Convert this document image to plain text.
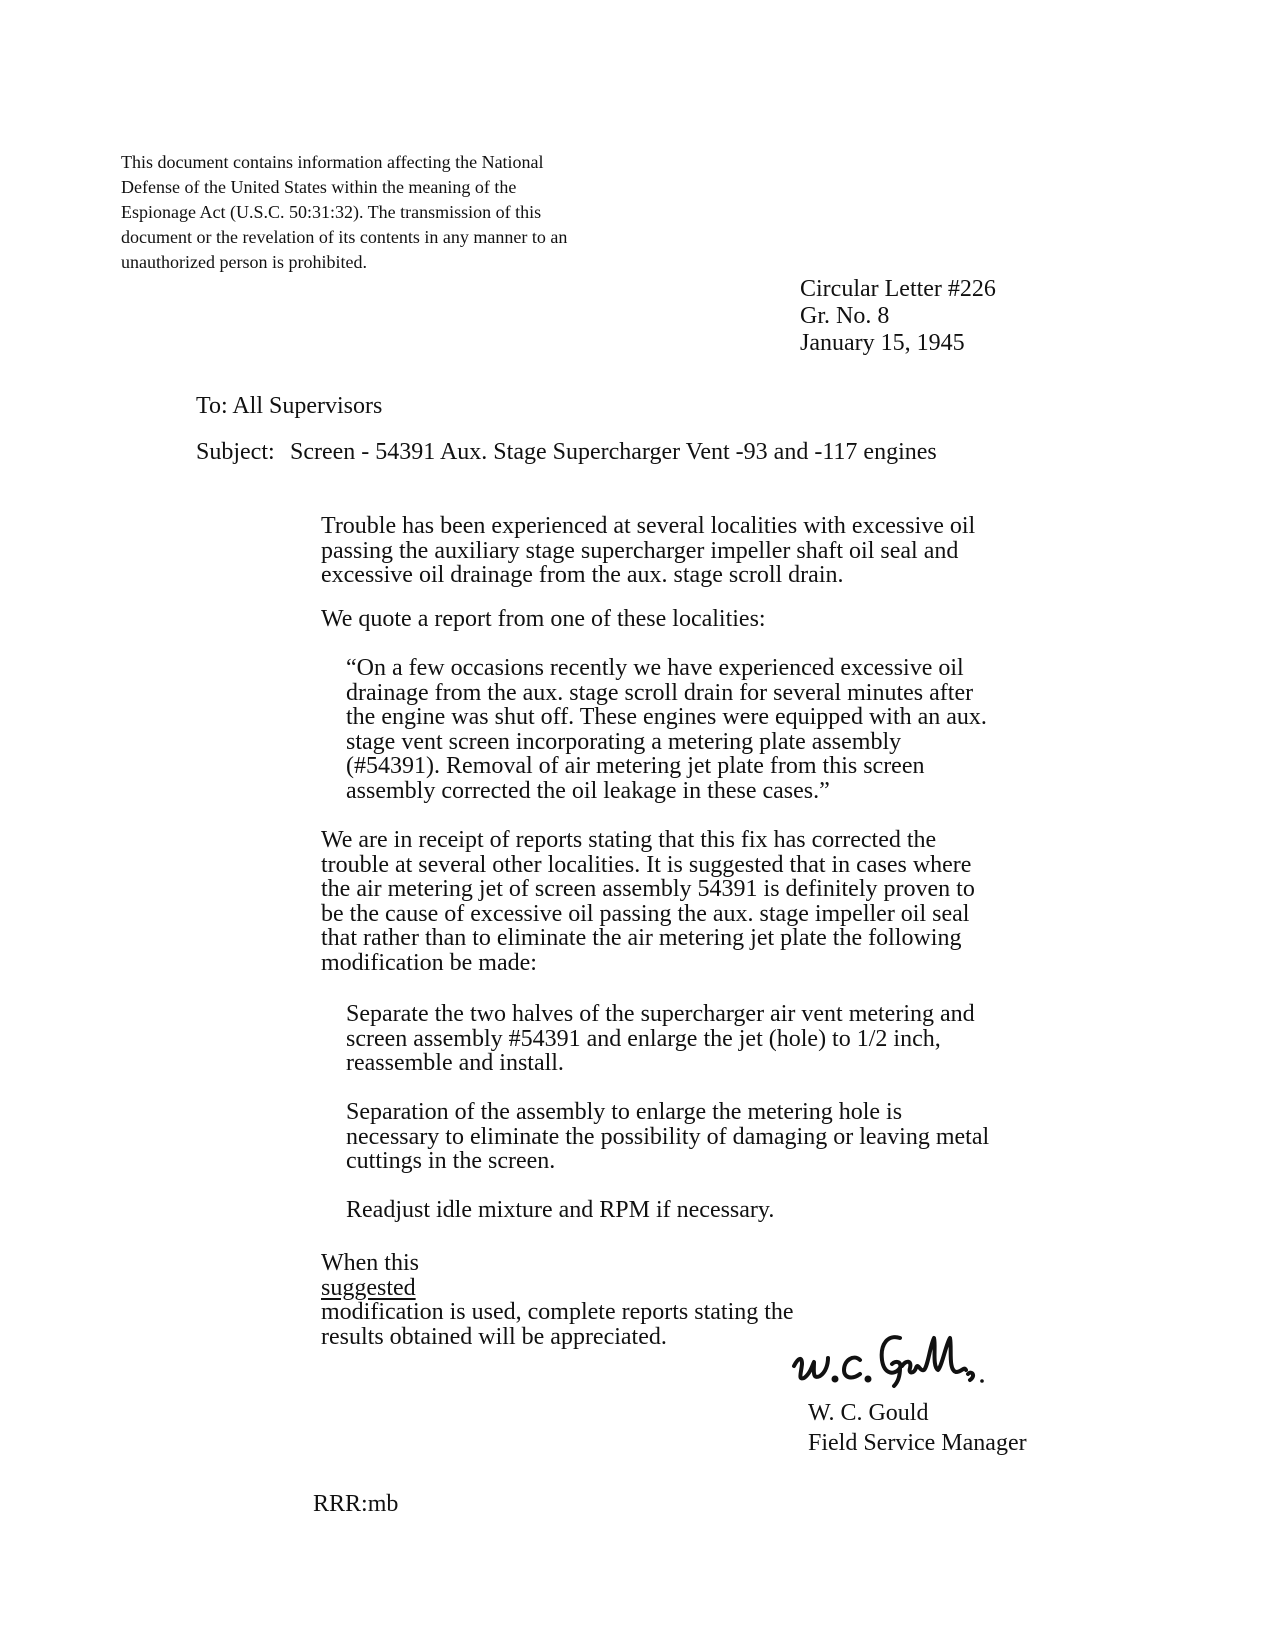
This document contains information affecting the National
Defense of the United States within the meaning of the
Espionage Act (U.S.C. 50:31:32). The transmission of this
document or the revelation of its contents in any manner to an
unauthorized person is prohibited.
Circular Letter #226
Gr. No. 8
January 15, 1945
To: All Supervisors
Subject: Screen - 54391 Aux. Stage Supercharger Vent -93 and -117 engines
Trouble has been experienced at several localities with excessive oil
passing the auxiliary stage supercharger impeller shaft oil seal and
excessive oil drainage from the aux. stage scroll drain.
We quote a report from one of these localities:
“On a few occasions recently we have experienced excessive oil
drainage from the aux. stage scroll drain for several minutes after
the engine was shut off. These engines were equipped with an aux.
stage vent screen incorporating a metering plate assembly
(#54391). Removal of air metering jet plate from this screen
assembly corrected the oil leakage in these cases.”
We are in receipt of reports stating that this fix has corrected the
trouble at several other localities. It is suggested that in cases where
the air metering jet of screen assembly 54391 is definitely proven to
be the cause of excessive oil passing the aux. stage impeller oil seal
that rather than to eliminate the air metering jet plate the following
modification be made:
Separate the two halves of the supercharger air vent metering and
screen assembly #54391 and enlarge the jet (hole) to 1/2 inch,
reassemble and install.
Separation of the assembly to enlarge the metering hole is
necessary to eliminate the possibility of damaging or leaving metal
cuttings in the screen.
Readjust idle mixture and RPM if necessary.
When this
suggested
modification is used, complete reports stating the
results obtained will be appreciated.
W. C. Gould
Field Service Manager
RRR:mb
